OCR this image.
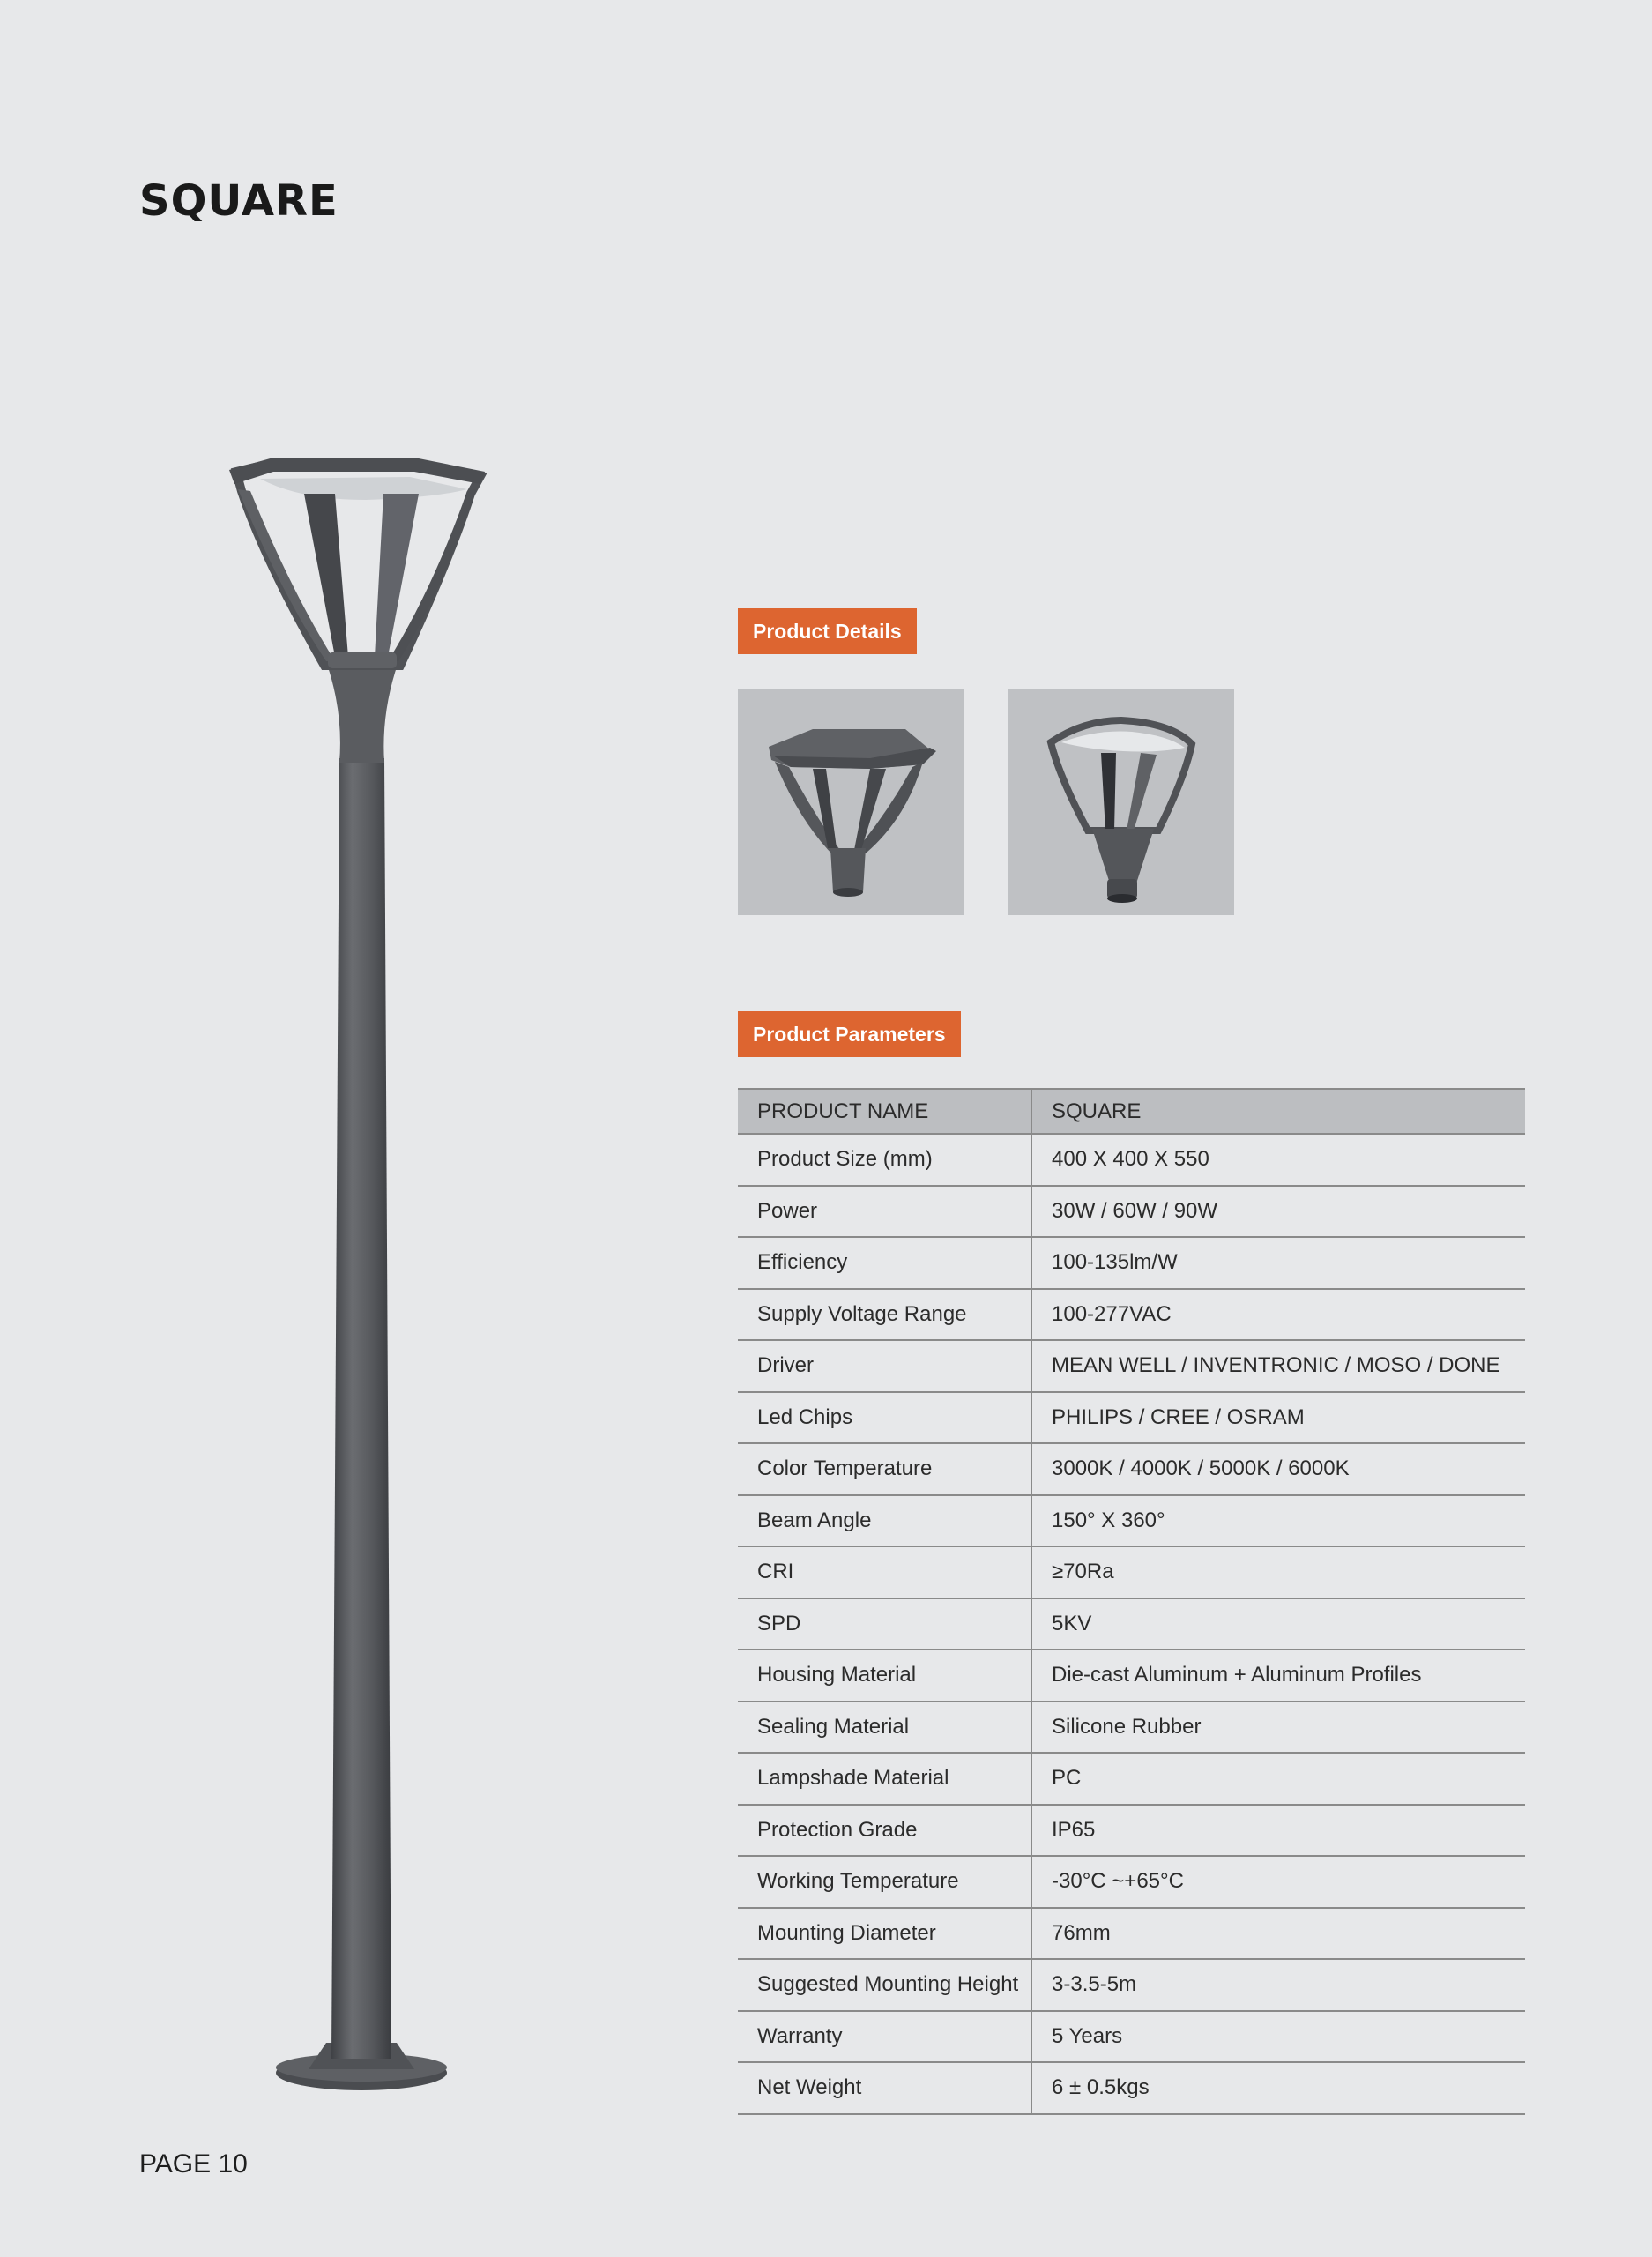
SQUARE
Product Details
Product Parameters
PRODUCT NAME	SQUARE
Product Size (mm)	400 X 400 X 550
Power	30W / 60W / 90W
Efficiency	100-135lm/W
Supply Voltage Range	100-277VAC
Driver	MEAN WELL / INVENTRONIC / MOSO / DONE
Led Chips	PHILIPS / CREE / OSRAM
Color Temperature	3000K / 4000K / 5000K / 6000K
Beam Angle	150° X 360°
CRI	≥70Ra
SPD	5KV
Housing Material	Die-cast Aluminum + Aluminum Profiles
Sealing Material	Silicone Rubber
Lampshade Material	PC
Protection Grade	IP65
Working Temperature	-30°C ~+65°C
Mounting Diameter	76mm
Suggested Mounting Height	3-3.5-5m
Warranty	5 Years
Net Weight	6 ± 0.5kgs
PAGE 10
